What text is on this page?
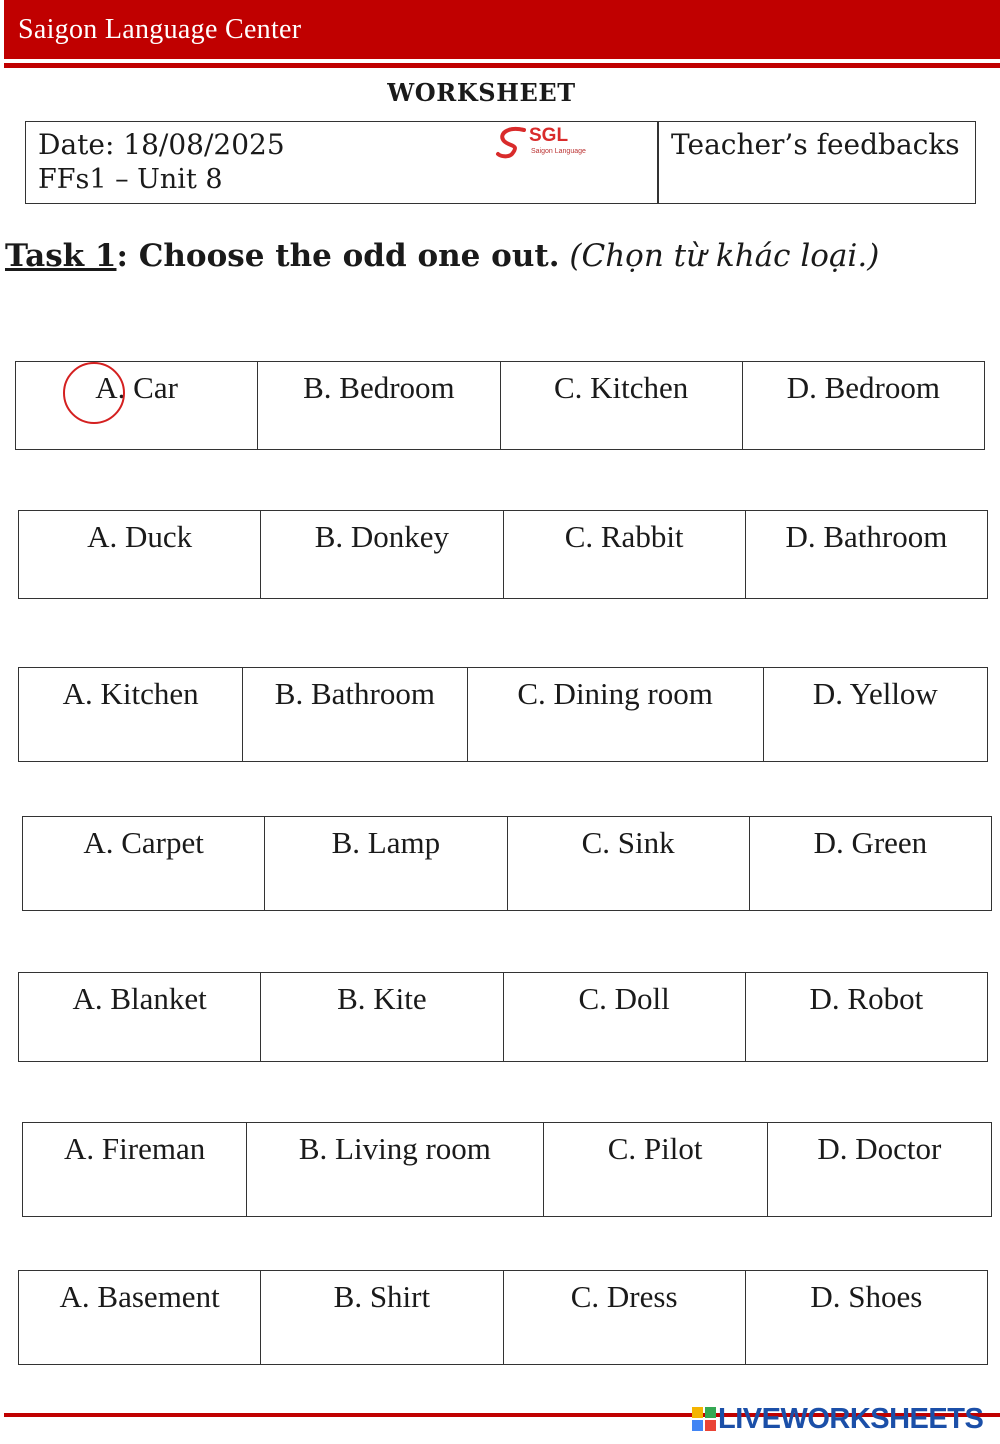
Saigon Language Center
WORKSHEET
Date: 18/08/2025
FFs1 – Unit 8
SGL
Saigon Language	Teacher’s feedbacks
Task 1: Choose the odd one out. (Chọn từ khác loại.)
A. Car	B. Bedroom	C. Kitchen	D. Bedroom
A. Duck	B. Donkey	C. Rabbit	D. Bathroom
A. Kitchen	B. Bathroom	C. Dining room	D. Yellow
A. Carpet	B. Lamp	C. Sink	D. Green
A. Blanket	B. Kite	C. Doll	D. Robot
A. Fireman	B. Living room	C. Pilot	D. Doctor
A. Basement	B. Shirt	C. Dress	D. Shoes
LIVEWORKSHEETS
